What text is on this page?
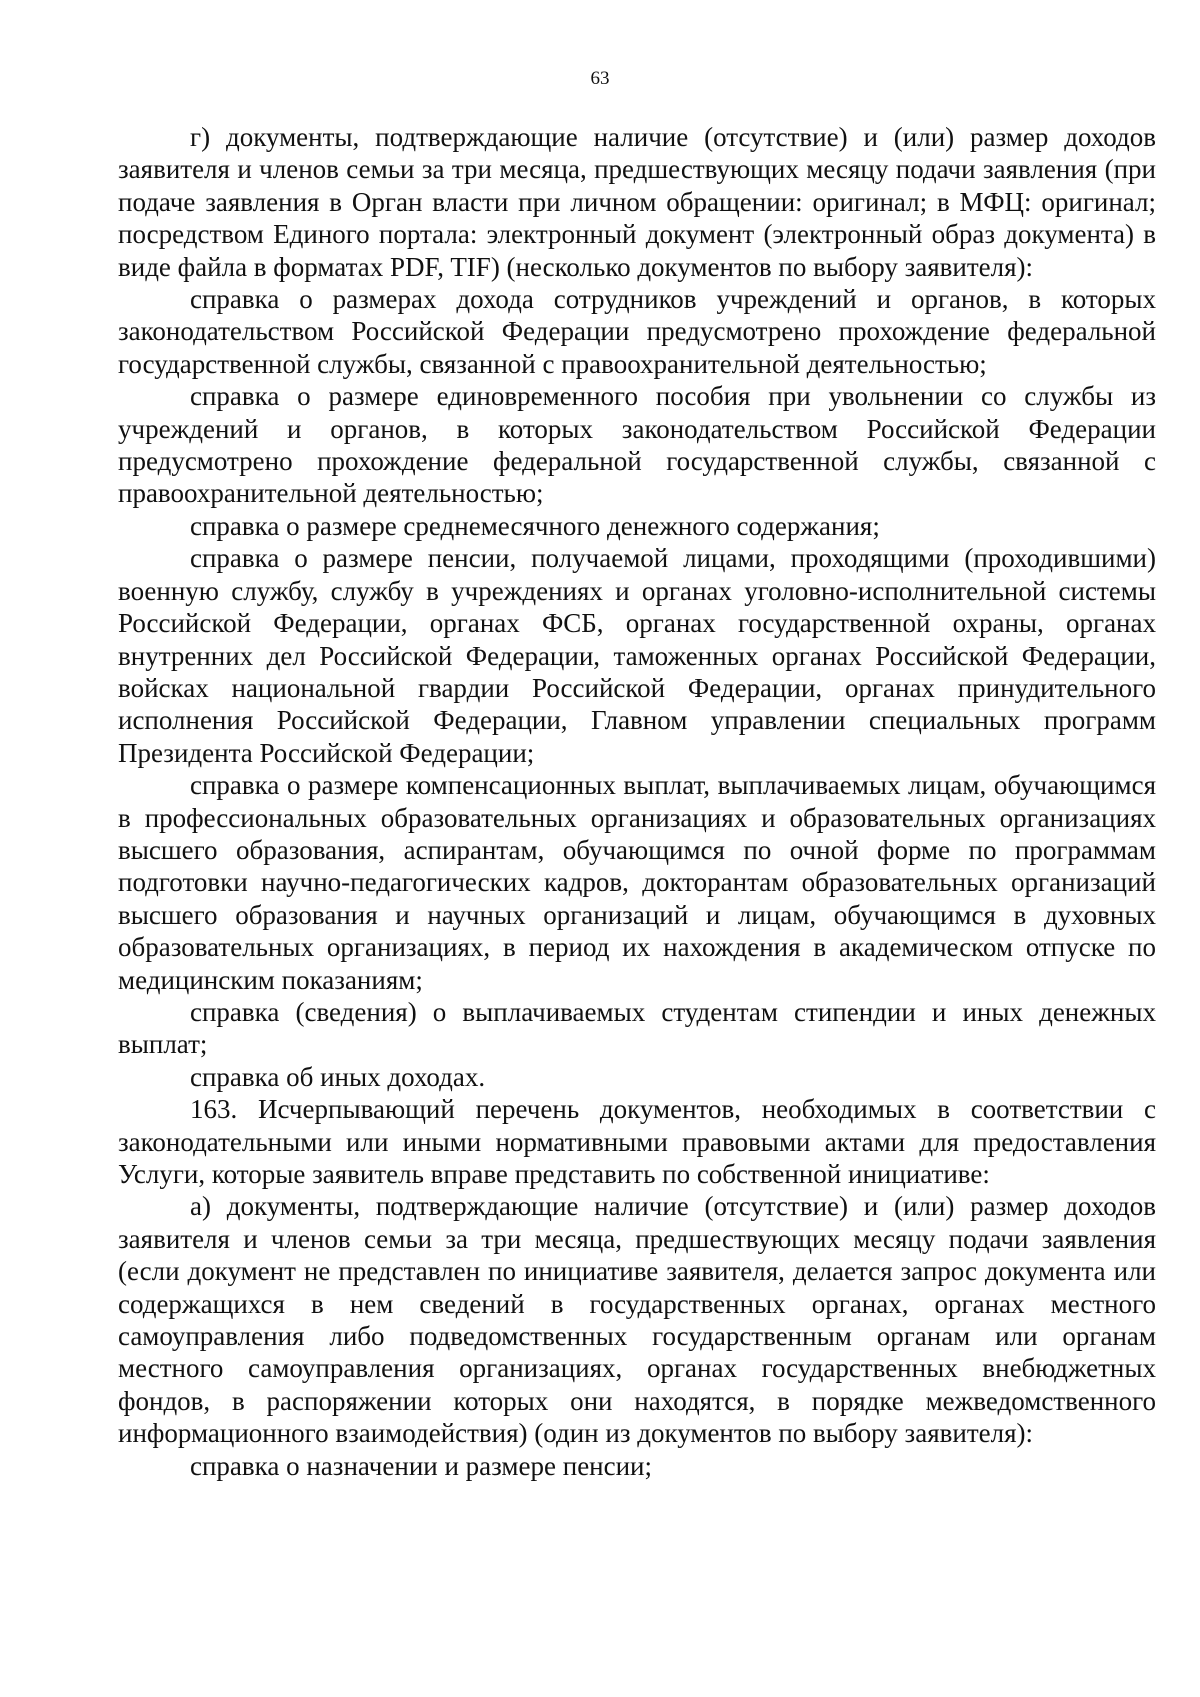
63

г) документы, подтверждающие наличие (отсутствие) и (или) размер доходов заявителя и членов семьи за три месяца, предшествующих месяцу подачи заявления (при подаче заявления в Орган власти при личном обращении: оригинал; в МФЦ: оригинал; посредством Единого портала: электронный документ (электронный образ документа) в виде файла в форматах PDF, TIF) (несколько документов по выбору заявителя):

справка о размерах дохода сотрудников учреждений и органов, в которых законодательством Российской Федерации предусмотрено прохождение федеральной государственной службы, связанной с правоохранительной деятельностью;

справка о размере единовременного пособия при увольнении со службы из учреждений и органов, в которых законодательством Российской Федерации предусмотрено прохождение федеральной государственной службы, связанной с правоохранительной деятельностью;

справка о размере среднемесячного денежного содержания;

справка о размере пенсии, получаемой лицами, проходящими (проходившими) военную службу, службу в учреждениях и органах уголовно-исполнительной системы Российской Федерации, органах ФСБ, органах государственной охраны, органах внутренних дел Российской Федерации, таможенных органах Российской Федерации, войсках национальной гвардии Российской Федерации, органах принудительного исполнения Российской Федерации, Главном управлении специальных программ Президента Российской Федерации;

справка о размере компенсационных выплат, выплачиваемых лицам, обучающимся в профессиональных образовательных организациях и образовательных организациях высшего образования, аспирантам, обучающимся по очной форме по программам подготовки научно-педагогических кадров, докторантам образовательных организаций высшего образования и научных организаций и лицам, обучающимся в духовных образовательных организациях, в период их нахождения в академическом отпуске по медицинским показаниям;

справка (сведения) о выплачиваемых студентам стипендии и иных денежных выплат;

справка об иных доходах.

163. Исчерпывающий перечень документов, необходимых в соответствии с законодательными или иными нормативными правовыми актами для предоставления Услуги, которые заявитель вправе представить по собственной инициативе:

а) документы, подтверждающие наличие (отсутствие) и (или) размер доходов заявителя и членов семьи за три месяца, предшествующих месяцу подачи заявления (если документ не представлен по инициативе заявителя, делается запрос документа или содержащихся в нем сведений в государственных органах, органах местного самоуправления либо подведомственных государственным органам или органам местного самоуправления организациях, органах государственных внебюджетных фондов, в распоряжении которых они находятся, в порядке межведомственного информационного взаимодействия) (один из документов по выбору заявителя):

справка о назначении и размере пенсии;
